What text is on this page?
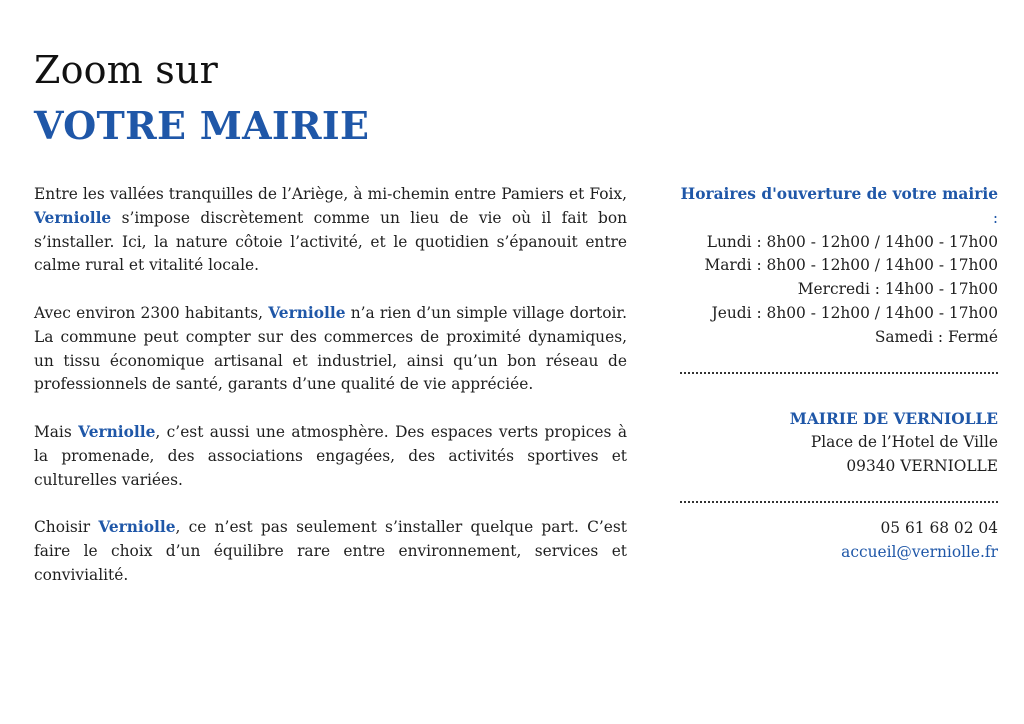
Zoom sur
VOTRE MAIRIE

Entre les vallées tranquilles de l’Ariège, à mi-chemin entre Pamiers et Foix, Verniolle s’impose discrètement comme un lieu de vie où il fait bon s’installer. Ici, la nature côtoie l’activité, et le quotidien s’épanouit entre calme rural et vitalité locale.

Avec environ 2300 habitants, Verniolle n’a rien d’un simple village dortoir. La commune peut compter sur des commerces de proximité dynamiques, un tissu économique artisanal et industriel, ainsi qu’un bon réseau de professionnels de santé, garants d’une qualité de vie appréciée.

Mais Verniolle, c’est aussi une atmosphère. Des espaces verts propices à la promenade, des associations engagées, des activités sportives et culturelles variées.

Choisir Verniolle, ce n’est pas seulement s’installer quelque part. C’est faire le choix d’un équilibre rare entre environnement, services et convivialité.

Horaires d'ouverture de votre mairie :
Lundi : 8h00 - 12h00 / 14h00 - 17h00
Mardi : 8h00 - 12h00 / 14h00 - 17h00
Mercredi : 14h00 - 17h00
Jeudi : 8h00 - 12h00 / 14h00 - 17h00
Samedi : Fermé
MAIRIE DE VERNIOLLE
Place de l’Hotel de Ville
09340 VERNIOLLE
05 61 68 02 04
accueil@verniolle.fr
